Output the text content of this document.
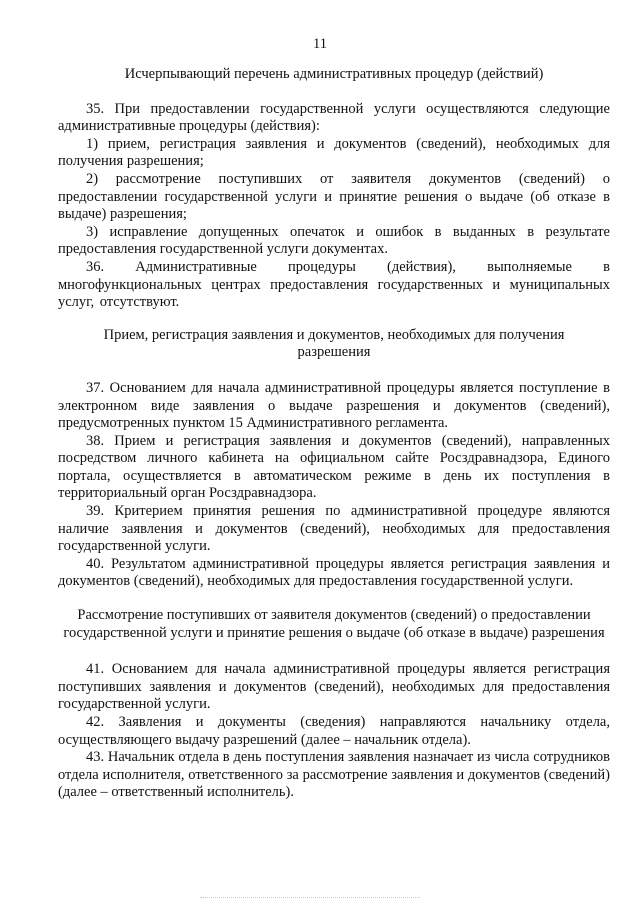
11

Исчерпывающий перечень административных процедур (действий)

35. При предоставлении государственной услуги осуществляются следующие административные процедуры (действия):

1) прием, регистрация заявления и документов (сведений), необходимых для получения разрешения;

2) рассмотрение поступивших от заявителя документов (сведений) о предоставлении государственной услуги и принятие решения о выдаче (об отказе в выдаче) разрешения;

3) исправление допущенных опечаток и ошибок в выданных в результате предоставления государственной услуги документах.

36. Административные процедуры (действия), выполняемые в многофункциональных центрах предоставления государственных и муниципальных услуг, отсутствуют.

Прием, регистрация заявления и документов, необходимых для получения разрешения

37. Основанием для начала административной процедуры является поступление в электронном виде заявления о выдаче разрешения и документов (сведений), предусмотренных пунктом 15 Административного регламента.

38. Прием и регистрация заявления и документов (сведений), направленных посредством личного кабинета на официальном сайте Росздравнадзора, Единого портала, осуществляется в автоматическом режиме в день их поступления в территориальный орган Росздравнадзора.

39. Критерием принятия решения по административной процедуре являются наличие заявления и документов (сведений), необходимых для предоставления государственной услуги.

40. Результатом административной процедуры является регистрация заявления и документов (сведений), необходимых для предоставления государственной услуги.

Рассмотрение поступивших от заявителя документов (сведений) о предоставлении государственной услуги и принятие решения о выдаче (об отказе в выдаче) разрешения

41. Основанием для начала административной процедуры является регистрация поступивших заявления и документов (сведений), необходимых для предоставления государственной услуги.

42. Заявления и документы (сведения) направляются начальнику отдела, осуществляющего выдачу разрешений (далее – начальник отдела).

43. Начальник отдела в день поступления заявления назначает из числа сотрудников отдела исполнителя, ответственного за рассмотрение заявления и документов (сведений) (далее – ответственный исполнитель).
